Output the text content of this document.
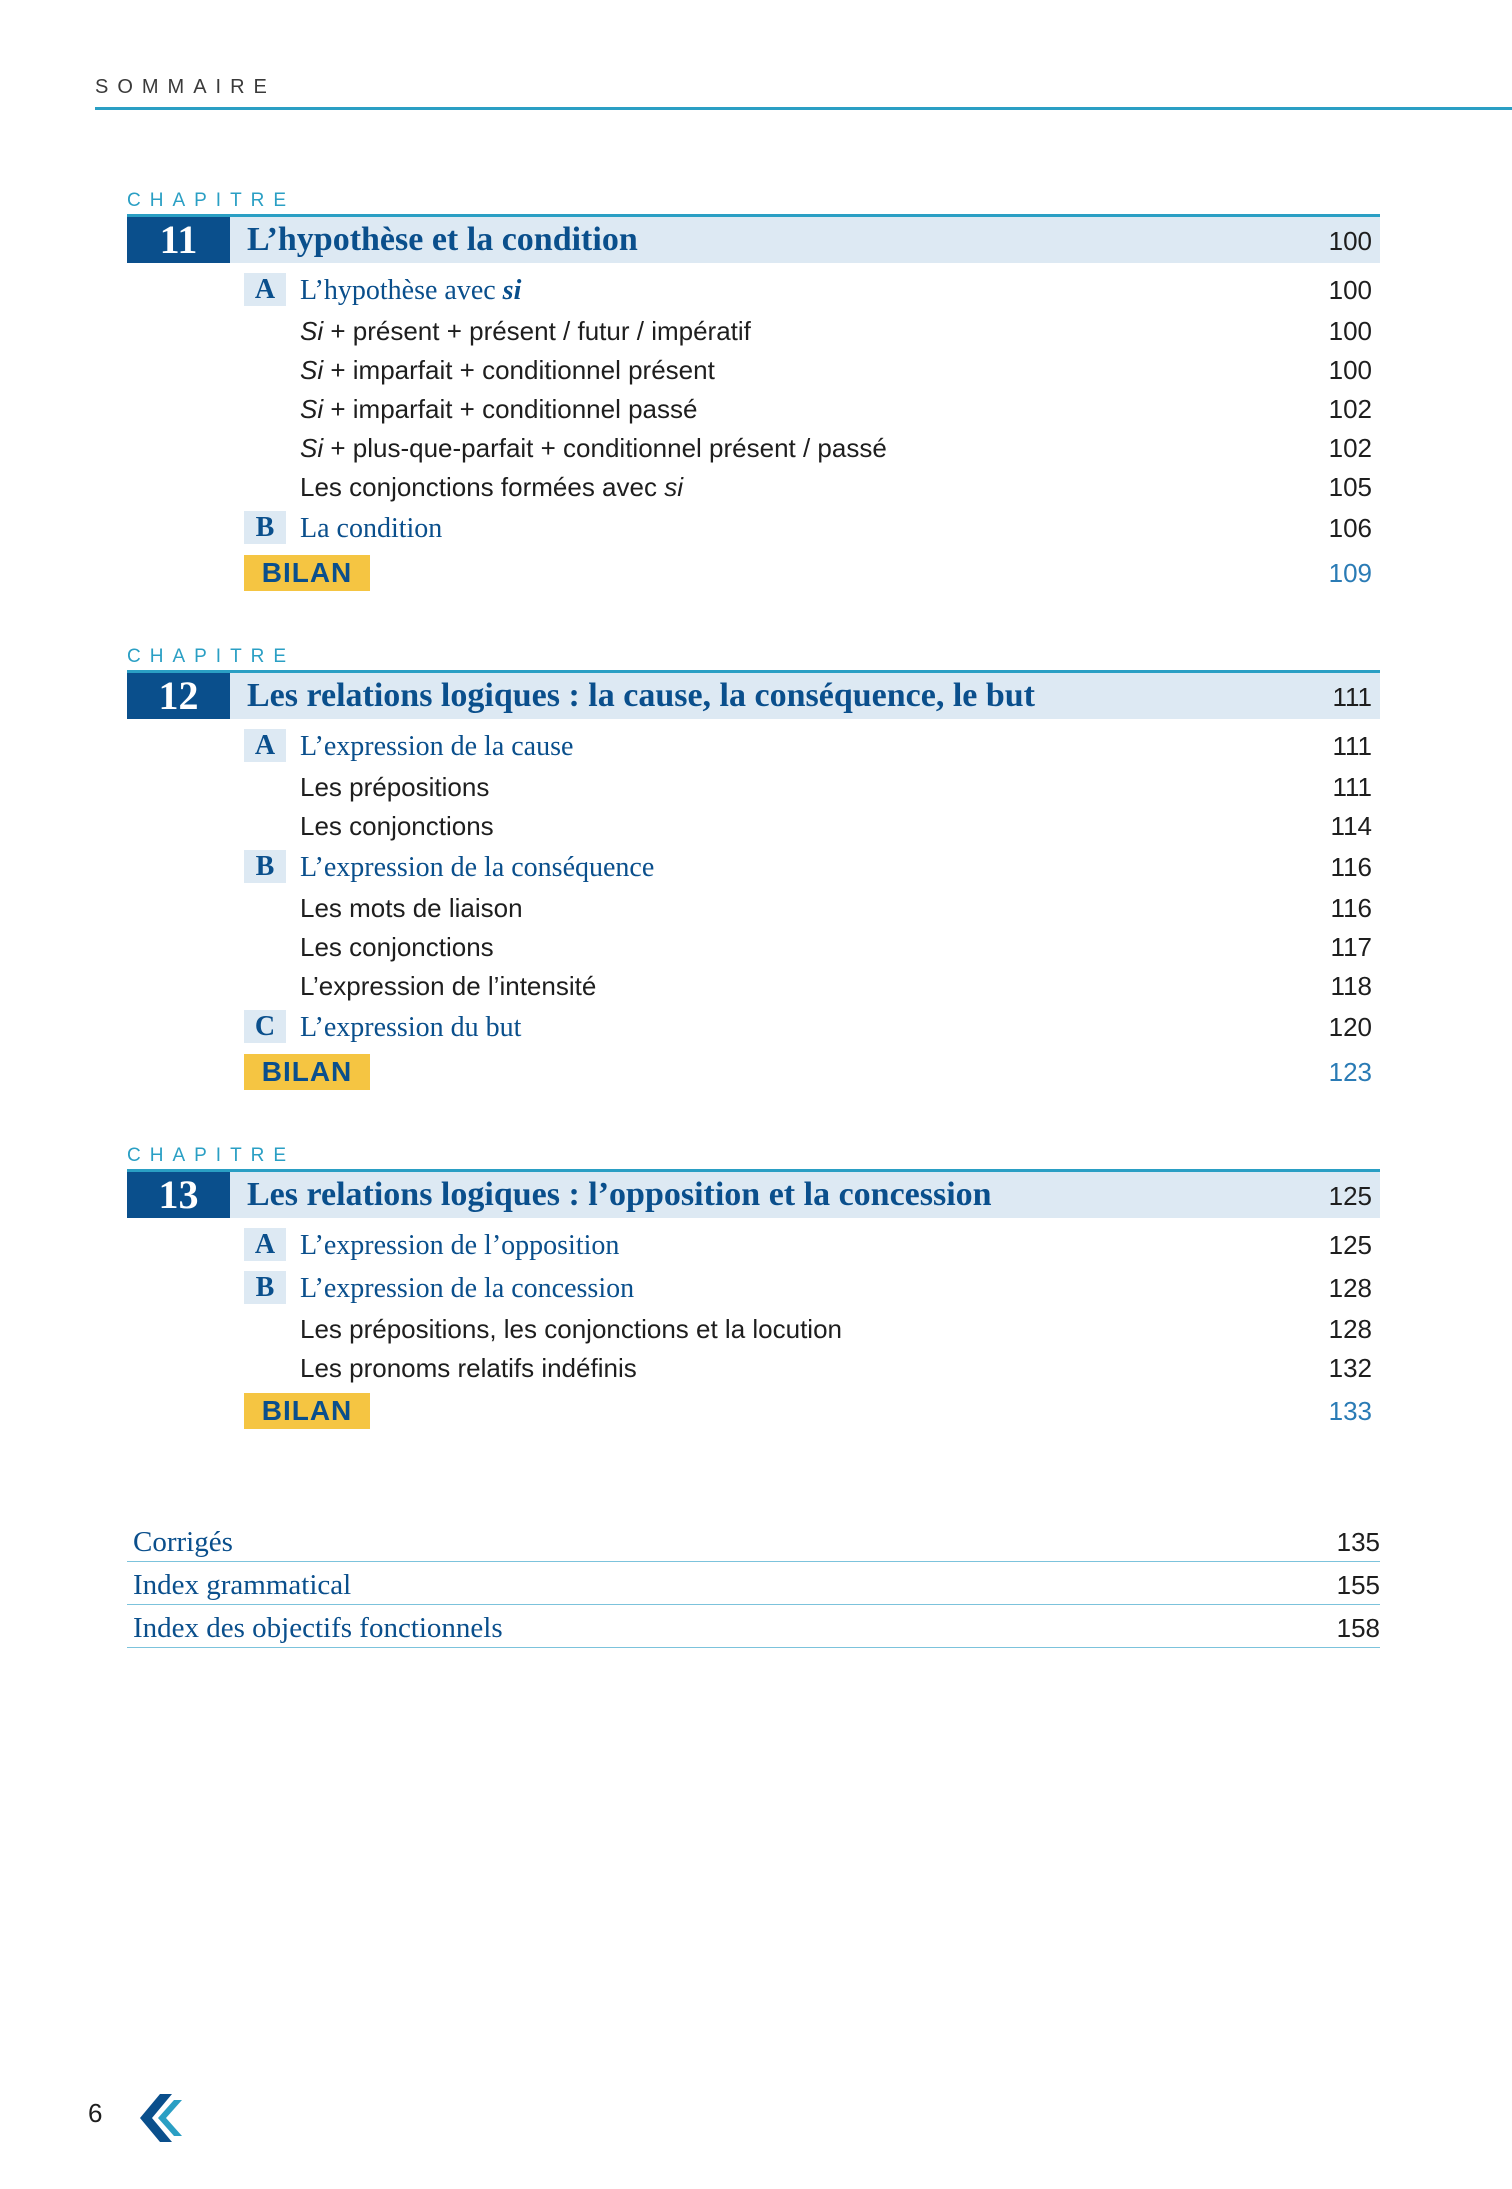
SOMMAIRE
CHAPITRE
11	L’hypothèse et la condition	100
A L’hypothèse avec si	100
Si + présent + présent / futur / impératif	100
Si + imparfait + conditionnel présent	100
Si + imparfait + conditionnel passé	102
Si + plus-que-parfait + conditionnel présent / passé	102
Les conjonctions formées avec si	105
B La condition	106
BILAN	109
CHAPITRE
12	Les relations logiques : la cause, la conséquence, le but	111
A L’expression de la cause	111
Les prépositions	111
Les conjonctions	114
B L’expression de la conséquence	116
Les mots de liaison	116
Les conjonctions	117
L’expression de l’intensité	118
C L’expression du but	120
BILAN	123
CHAPITRE
13	Les relations logiques : l’opposition et la concession	125
A L’expression de l’opposition	125
B L’expression de la concession	128
Les prépositions, les conjonctions et la locution	128
Les pronoms relatifs indéfinis	132
BILAN	133
Corrigés	135
Index grammatical	155
Index des objectifs fonctionnels	158
6
